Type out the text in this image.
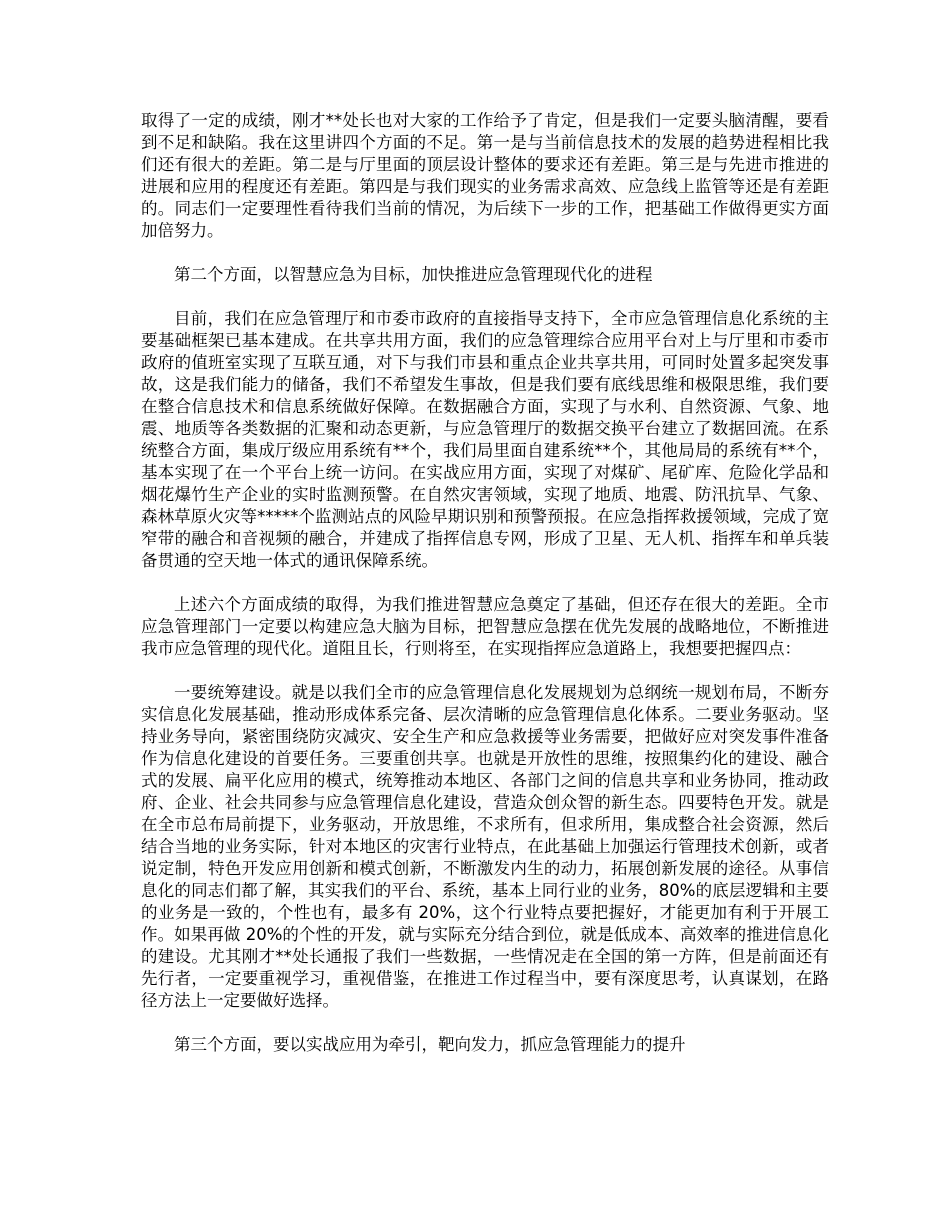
取得了一定的成绩，刚才**处长也对大家的工作给予了肯定，但是我们一定要头脑清醒，要看到不足和缺陷。我在这里讲四个方面的不足。第一是与当前信息技术的发展的趋势进程相比我们还有很大的差距。第二是与厅里面的顶层设计整体的要求还有差距。第三是与先进市推进的进展和应用的程度还有差距。第四是与我们现实的业务需求高效、应急线上监管等还是有差距的。同志们一定要理性看待我们当前的情况，为后续下一步的工作，把基础工作做得更实方面加倍努力。

第二个方面，以智慧应急为目标，加快推进应急管理现代化的进程

目前，我们在应急管理厅和市委市政府的直接指导支持下，全市应急管理信息化系统的主要基础框架已基本建成。在共享共用方面，我们的应急管理综合应用平台对上与厅里和市委市政府的值班室实现了互联互通，对下与我们市县和重点企业共享共用，可同时处置多起突发事故，这是我们能力的储备，我们不希望发生事故，但是我们要有底线思维和极限思维，我们要在整合信息技术和信息系统做好保障。在数据融合方面，实现了与水利、自然资源、气象、地震、地质等各类数据的汇聚和动态更新，与应急管理厅的数据交换平台建立了数据回流。在系统整合方面，集成厅级应用系统有**个，我们局里面自建系统**个，其他局局的系统有**个，基本实现了在一个平台上统一访问。在实战应用方面，实现了对煤矿、尾矿库、危险化学品和烟花爆竹生产企业的实时监测预警。在自然灾害领域，实现了地质、地震、防汛抗旱、气象、森林草原火灾等*****个监测站点的风险早期识别和预警预报。在应急指挥救援领域，完成了宽窄带的融合和音视频的融合，并建成了指挥信息专网，形成了卫星、无人机、指挥车和单兵装备贯通的空天地一体式的通讯保障系统。

上述六个方面成绩的取得，为我们推进智慧应急奠定了基础，但还存在很大的差距。全市应急管理部门一定要以构建应急大脑为目标，把智慧应急摆在优先发展的战略地位，不断推进我市应急管理的现代化。道阻且长，行则将至，在实现指挥应急道路上，我想要把握四点：

一要统筹建设。就是以我们全市的应急管理信息化发展规划为总纲统一规划布局，不断夯实信息化发展基础，推动形成体系完备、层次清晰的应急管理信息化体系。二要业务驱动。坚持业务导向，紧密围绕防灾减灾、安全生产和应急救援等业务需要，把做好应对突发事件准备作为信息化建设的首要任务。三要重创共享。也就是开放性的思维，按照集约化的建设、融合式的发展、扁平化应用的模式，统筹推动本地区、各部门之间的信息共享和业务协同，推动政府、企业、社会共同参与应急管理信息化建设，营造众创众智的新生态。四要特色开发。就是在全市总布局前提下，业务驱动，开放思维，不求所有，但求所用，集成整合社会资源，然后结合当地的业务实际，针对本地区的灾害行业特点，在此基础上加强运行管理技术创新，或者说定制，特色开发应用创新和模式创新，不断激发内生的动力，拓展创新发展的途径。从事信息化的同志们都了解，其实我们的平台、系统，基本上同行业的业务，80%的底层逻辑和主要的业务是一致的，个性也有，最多有 20%，这个行业特点要把握好，才能更加有利于开展工作。如果再做 20%的个性的开发，就与实际充分结合到位，就是低成本、高效率的推进信息化的建设。尤其刚才**处长通报了我们一些数据，一些情况走在全国的第一方阵，但是前面还有先行者，一定要重视学习，重视借鉴，在推进工作过程当中，要有深度思考，认真谋划，在路径方法上一定要做好选择。

第三个方面，要以实战应用为牵引，靶向发力，抓应急管理能力的提升
